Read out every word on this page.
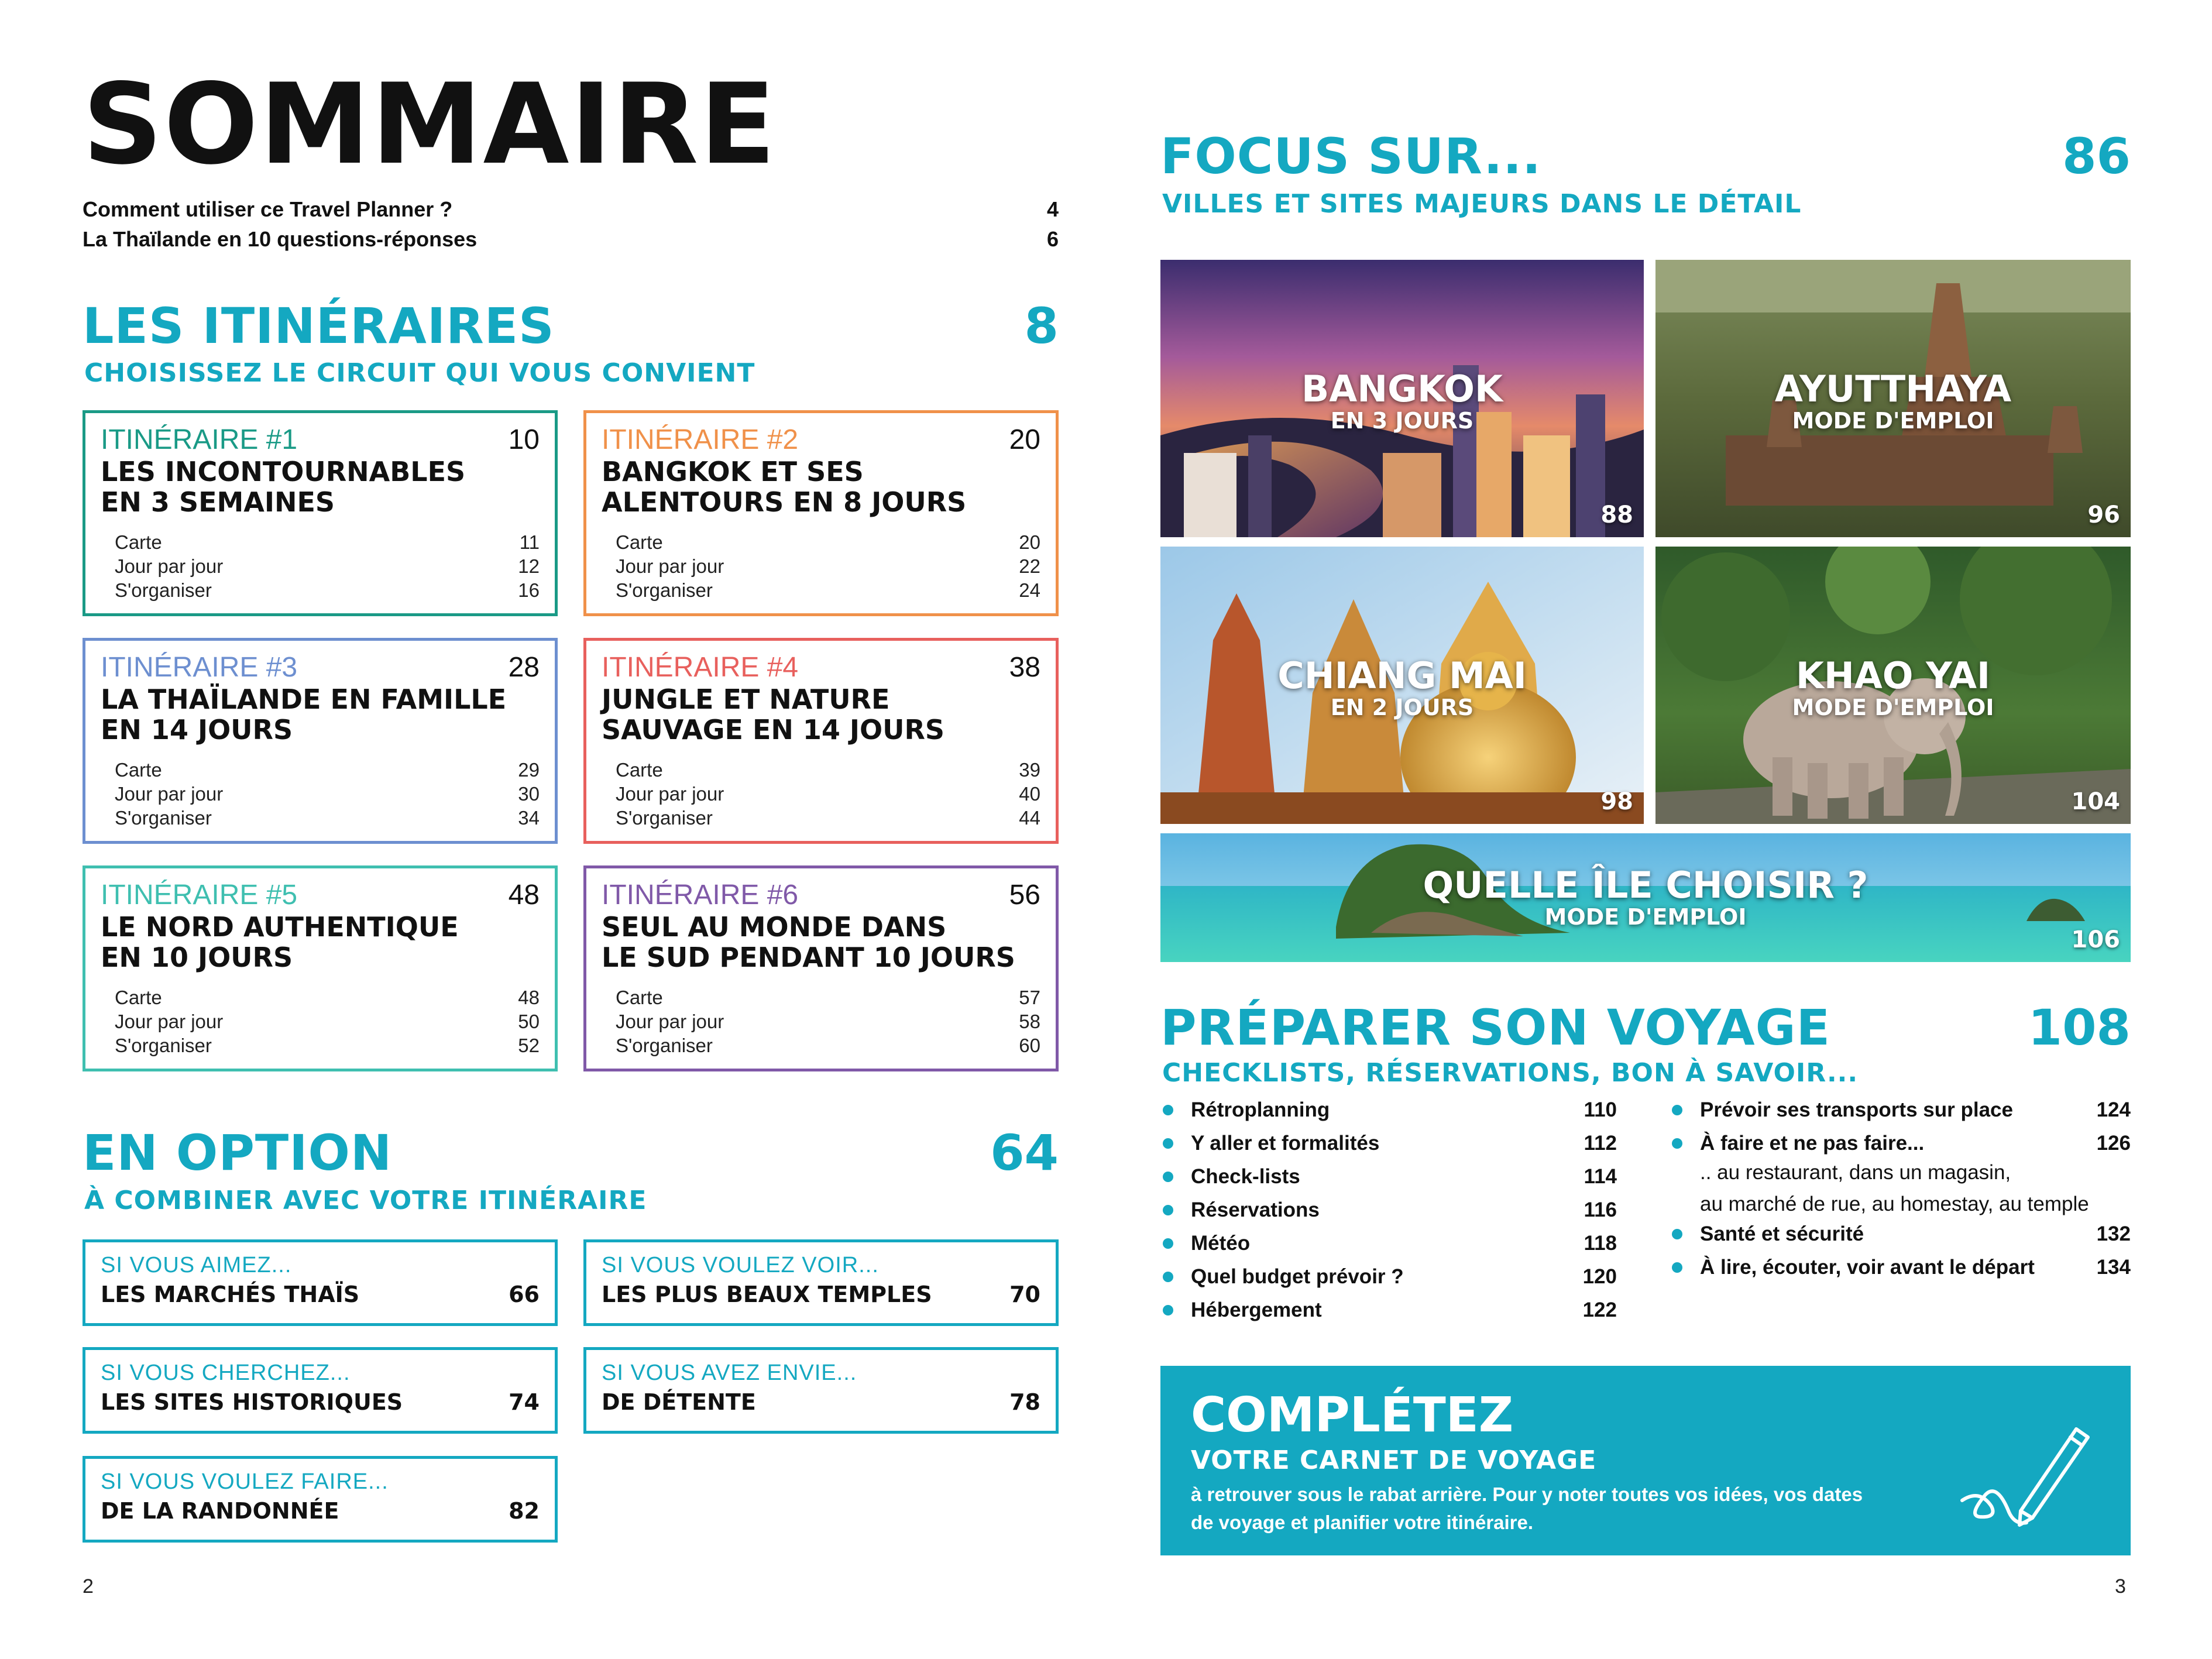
SOMMAIRE
Comment utiliser ce Travel Planner ?	4
La Thaïlande en 10 questions-réponses	6
LES ITINÉRAIRES	8
CHOISISSEZ LE CIRCUIT QUI VOUS CONVIENT
ITINÉRAIRE #1	10
LES INCONTOURNABLES
EN 3 SEMAINES
Carte	11
Jour par jour	12
S'organiser	16
ITINÉRAIRE #2	20
BANGKOK ET SES
ALENTOURS EN 8 JOURS
Carte	20
Jour par jour	22
S'organiser	24
ITINÉRAIRE #3	28
LA THAÏLANDE EN FAMILLE
EN 14 JOURS
Carte	29
Jour par jour	30
S'organiser	34
ITINÉRAIRE #4	38
JUNGLE ET NATURE
SAUVAGE EN 14 JOURS
Carte	39
Jour par jour	40
S'organiser	44
ITINÉRAIRE #5	48
LE NORD AUTHENTIQUE
EN 10 JOURS
Carte	48
Jour par jour	50
S'organiser	52
ITINÉRAIRE #6	56
SEUL AU MONDE DANS
LE SUD PENDANT 10 JOURS
Carte	57
Jour par jour	58
S'organiser	60
EN OPTION	64
À COMBINER AVEC VOTRE ITINÉRAIRE
SI VOUS AIMEZ...
LES MARCHÉS THAÏS	66
SI VOUS VOULEZ VOIR...
LES PLUS BEAUX TEMPLES	70
SI VOUS CHERCHEZ...
LES SITES HISTORIQUES	74
SI VOUS AVEZ ENVIE...
DE DÉTENTE	78
SI VOUS VOULEZ FAIRE...
DE LA RANDONNÉE	82
2
FOCUS SUR...	86
VILLES ET SITES MAJEURS DANS LE DÉTAIL
BANGKOK
EN 3 JOURS
88
AYUTTHAYA
MODE D'EMPLOI
96
CHIANG MAI
EN 2 JOURS
98
KHAO YAI
MODE D'EMPLOI
104
QUELLE ÎLE CHOISIR ?
MODE D'EMPLOI
106
PRÉPARER SON VOYAGE	108
CHECKLISTS, RÉSERVATIONS, BON À SAVOIR...
Rétroplanning	110
Y aller et formalités	112
Check-lists	114
Réservations	116
Météo	118
Quel budget prévoir ?	120
Hébergement	122
Prévoir ses transports sur place	124
À faire et ne pas faire...	126
Santé et sécurité	132
À lire, écouter, voir avant le départ	134
.. au restaurant, dans un magasin,
au marché de rue, au homestay, au temple
COMPLÉTEZ
VOTRE CARNET DE VOYAGE
à retrouver sous le rabat arrière. Pour y noter toutes vos idées, vos dates de voyage et planifier votre itinéraire.
3
